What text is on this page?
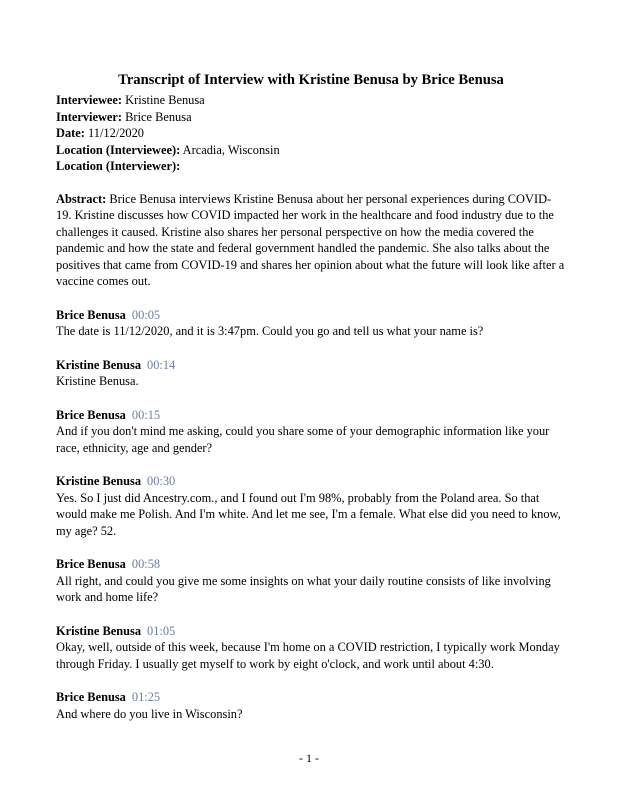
Transcript of Interview with Kristine Benusa by Brice Benusa
Interviewee: Kristine Benusa
Interviewer: Brice Benusa
Date: 11/12/2020
Location (Interviewee): Arcadia, Wisconsin
Location (Interviewer):

Abstract: Brice Benusa interviews Kristine Benusa about her personal experiences during COVID-19. Kristine discusses how COVID impacted her work in the healthcare and food industry due to the challenges it caused. Kristine also shares her personal perspective on how the media covered the pandemic and how the state and federal government handled the pandemic. She also talks about the positives that came from COVID-19 and shares her opinion about what the future will look like after a vaccine comes out.

Brice Benusa 00:05

The date is 11/12/2020, and it is 3:47pm. Could you go and tell us what your name is?

Kristine Benusa 00:14

Kristine Benusa.

Brice Benusa 00:15

And if you don't mind me asking, could you share some of your demographic information like your race, ethnicity, age and gender?

Kristine Benusa 00:30

Yes. So I just did Ancestry.com., and I found out I'm 98%, probably from the Poland area. So that would make me Polish. And I'm white. And let me see, I'm a female. What else did you need to know, my age? 52.

Brice Benusa 00:58

All right, and could you give me some insights on what your daily routine consists of like involving work and home life?

Kristine Benusa 01:05

Okay, well, outside of this week, because I'm home on a COVID restriction, I typically work Monday through Friday. I usually get myself to work by eight o'clock, and work until about 4:30.

Brice Benusa 01:25

And where do you live in Wisconsin?

- 1 -
